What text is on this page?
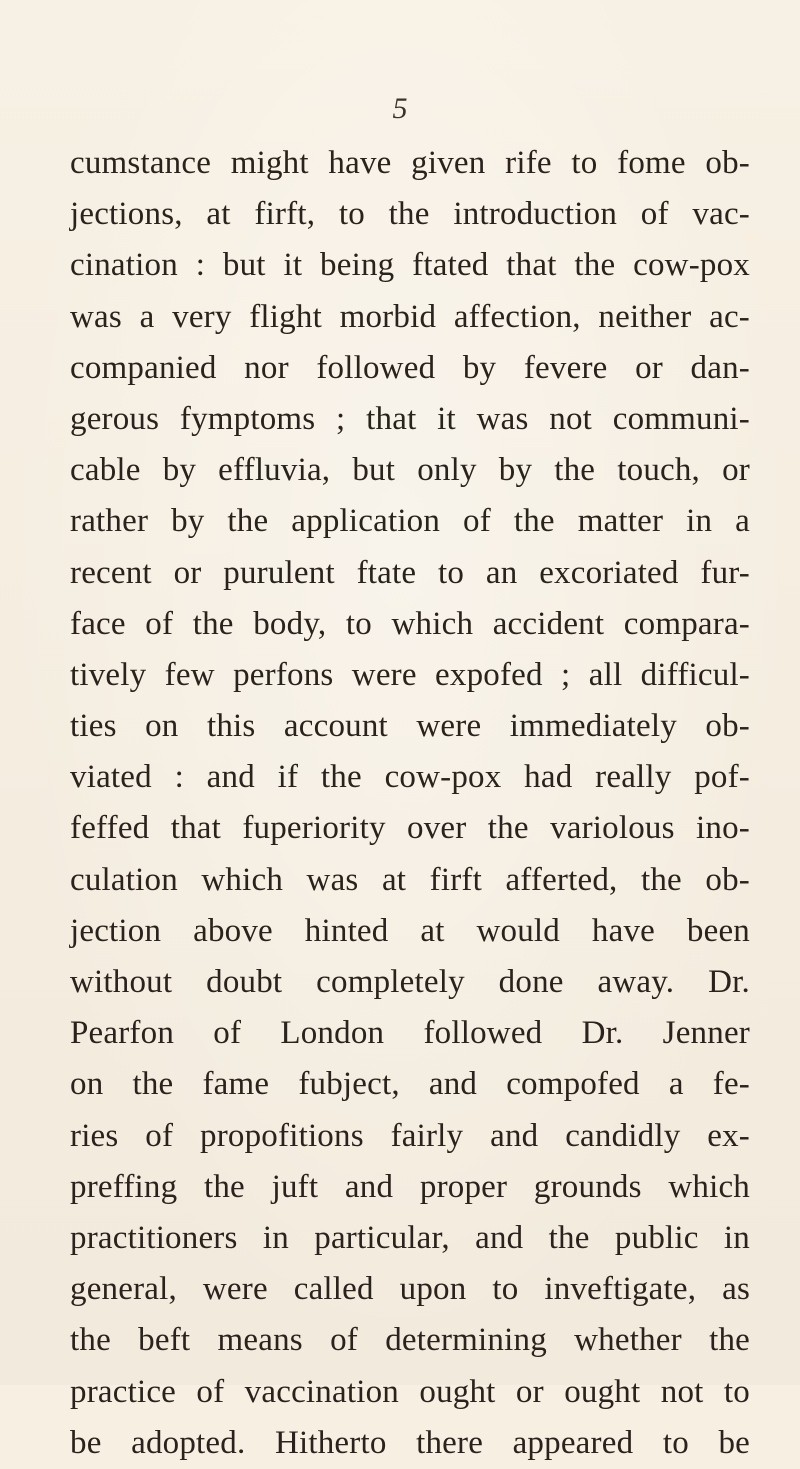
5
cumstance might have given rife to fome ob-
jections, at firft, to the introduction of vac-
cination : but it being ftated that the cow-pox
was a very flight morbid affection, neither ac-
companied nor followed by fevere or dan-
gerous fymptoms ; that it was not communi-
cable by effluvia, but only by the touch, or
rather by the application of the matter in a
recent or purulent ftate to an excoriated fur-
face of the body, to which accident compara-
tively few perfons were expofed ; all difficul-
ties on this account were immediately ob-
viated : and if the cow-pox had really pof-
feffed that fuperiority over the variolous ino-
culation which was at firft afferted, the ob-
jection above hinted at would have been
without doubt completely done away. Dr.
Pearfon of London followed Dr. Jenner
on the fame fubject, and compofed a fe-
ries of propofitions fairly and candidly ex-
preffing the juft and proper grounds which
practitioners in particular, and the public in
general, were called upon to inveftigate, as
the beft means of determining whether the
practice of vaccination ought or ought not to
be adopted. Hitherto there appeared to be
